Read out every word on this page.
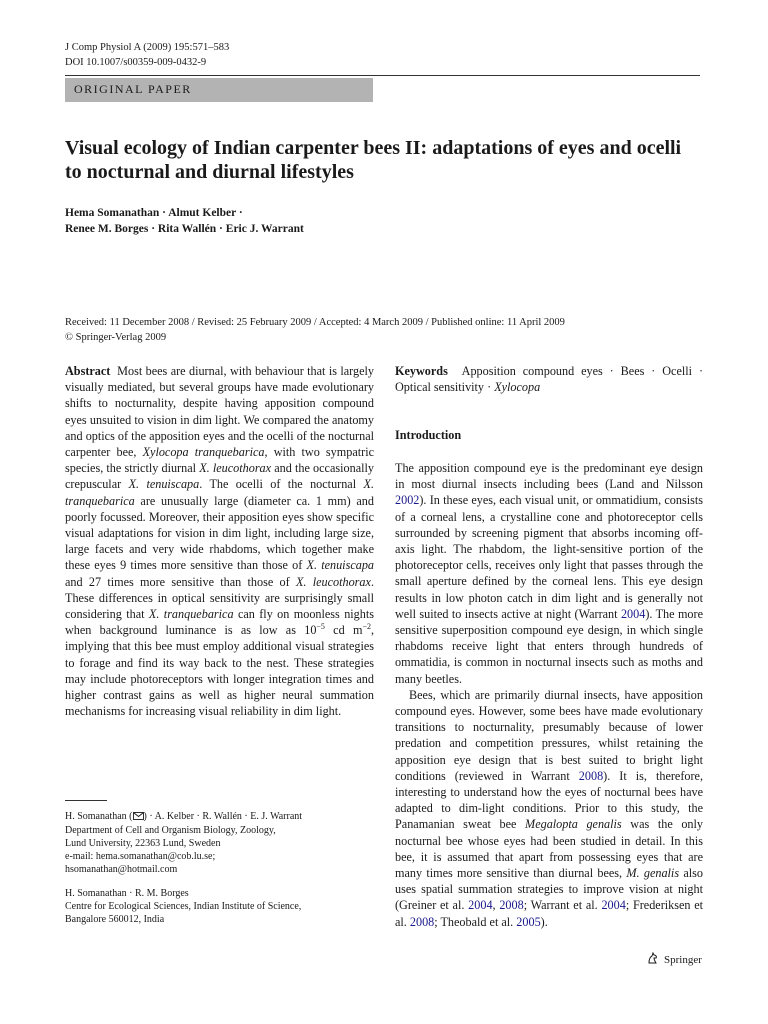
J Comp Physiol A (2009) 195:571–583
DOI 10.1007/s00359-009-0432-9
ORIGINAL PAPER
Visual ecology of Indian carpenter bees II: adaptations of eyes and ocelli to nocturnal and diurnal lifestyles
Hema Somanathan · Almut Kelber ·
Renee M. Borges · Rita Wallén · Eric J. Warrant
Received: 11 December 2008 / Revised: 25 February 2009 / Accepted: 4 March 2009 / Published online: 11 April 2009
© Springer-Verlag 2009

Abstract Most bees are diurnal, with behaviour that is largely visually mediated, but several groups have made evolutionary shifts to nocturnality, despite having apposition compound eyes unsuited to vision in dim light. We compared the anatomy and optics of the apposition eyes and the ocelli of the nocturnal carpenter bee, Xylocopa tranquebarica, with two sympatric species, the strictly diurnal X. leucothorax and the occasionally crepuscular X. tenuiscapa. The ocelli of the nocturnal X. tranquebarica are unusually large (diameter ca. 1 mm) and poorly focussed. Moreover, their apposition eyes show specific visual adaptations for vision in dim light, including large size, large facets and very wide rhabdoms, which together make these eyes 9 times more sensitive than those of X. tenuiscapa and 27 times more sensitive than those of X. leucothorax. These differences in optical sensitivity are surprisingly small considering that X. tranquebarica can fly on moonless nights when background luminance is as low as $10^{-5}$ cd $m^{-2}$, implying that this bee must employ additional visual strategies to forage and find its way back to the nest. These strategies may include photoreceptors with longer integration times and higher contrast gains as well as higher neural summation mechanisms for increasing visual reliability in dim light.

Keywords Apposition compound eyes · Bees · Ocelli · Optical sensitivity · Xylocopa

Introduction

The apposition compound eye is the predominant eye design in most diurnal insects including bees (Land and Nilsson 2002). In these eyes, each visual unit, or ommatidium, consists of a corneal lens, a crystalline cone and photoreceptor cells surrounded by screening pigment that absorbs incoming off-axis light. The rhabdom, the light-sensitive portion of the photoreceptor cells, receives only light that passes through the small aperture defined by the corneal lens. This eye design results in low photon catch in dim light and is generally not well suited to insects active at night (Warrant 2004). The more sensitive superposition compound eye design, in which single rhabdoms receive light that enters through hundreds of ommatidia, is common in nocturnal insects such as moths and many beetles.

Bees, which are primarily diurnal insects, have apposition compound eyes. However, some bees have made evolutionary transitions to nocturnality, presumably because of lower predation and competition pressures, whilst retaining the apposition eye design that is best suited to bright light conditions (reviewed in Warrant 2008). It is, therefore, interesting to understand how the eyes of nocturnal bees have adapted to dim-light conditions. Prior to this study, the Panamanian sweat bee Megalopta genalis was the only nocturnal bee whose eyes had been studied in detail. In this bee, it is assumed that apart from possessing eyes that are many times more sensitive than diurnal bees, M. genalis also uses spatial summation strategies to improve vision at night (Greiner et al. 2004, 2008; Warrant et al. 2004; Frederiksen et al. 2008; Theobald et al. 2005).

H. Somanathan ( ) · A. Kelber · R. Wallén · E. J. Warrant
Department of Cell and Organism Biology, Zoology,
Lund University, 22363 Lund, Sweden
e-mail: hema.somanathan@cob.lu.se;
hsomanathan@hotmail.com
H. Somanathan · R. M. Borges
Centre for Ecological Sciences, Indian Institute of Science,
Bangalore 560012, India
Springer
